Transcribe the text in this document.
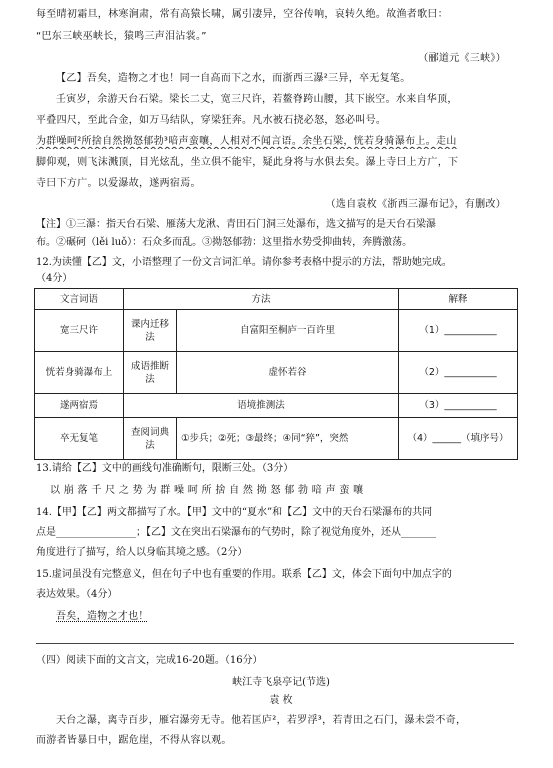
每至晴初霜旦，林寒涧肃，常有高猿长啸，属引凄异，空谷传响，哀转久绝。故渔者歌曰：
“巴东三峡巫峡长，猿鸣三声泪沾裳。”
（郦道元《三峡》）
【乙】吾矣，造物之才也！同一自高而下之水，而浙西三瀑²三异，卒无复笔。
壬寅岁，余游天台石梁。梁长二丈，宽三尺许，若鳌脊跨山腰，其下嵌空。水来自华顶，
平叠四尺，至此合金，如万马结队，穿梁狂奔。凡水被石挠必怒，怒必叫号。
为群噪呵²所捨自然拗怒郁勃³喑声蛮嚷，人相对不闻言语。余坐石梁，恍若身骑瀑布上。走山
脚仰观，则飞沫溅顶，目光炫乱，坐立俱不能牢，疑此身将与水俱去矣。瀑上寺曰上方广，下
寺曰下方广。以爱瀑故，遂两宿焉。
（选自袁枚《浙西三瀑布记》，有删改）
【注】①三瀑：指天台石梁、雁荡大龙湫、青田石门洞三处瀑布，选文描写的是天台石梁瀑
布。②碾砢（lěi luǒ）：石众多而乱。③拗怒郁勃：这里指水势受抑曲转，奔腾激荡。
12.为读懂【乙】文，小语整理了一份文言词汇单。请你参考表格中提示的方法，帮助她完成。
（4分）
文言词语	方法		解释
宽三尺许	课内迁移法	自富阳至桐庐一百许里	（1）___________
恍若身骑瀑布上	成语推断法	虚怀若谷	（2）___________
遂两宿焉	语境推测法		（3）___________
卒无复笔	查阅词典法	①步兵；②死；③最终；④同“猝”，突然	（4）______（填序号）
13.请给【乙】文中的画线句准确断句，限断三处。（3分）
以 崩 落 千 尺 之 势 为 群 噪 呵 所 捨 自 然 拗 怒 郁 勃 喑 声 蛮 嚷
14.【甲】【乙】两文都描写了水。【甲】文中的“夏水”和【乙】文中的天台石梁瀑布的共同
点是________________；【乙】文在突出石梁瀑布的气势时，除了视觉角度外，还从_______
角度进行了描写，给人以身临其境之感。（2分）
15.虚词虽没有完整意义，但在句子中也有重要的作用。联系【乙】文，体会下面句中加点字的
表达效果。（4分）
吾矣，造物之才也！
（四）阅读下面的文言文，完成16-20题。（16分）
峡江寺飞泉亭记(节选)
袁 枚
天台之瀑，离寺百步，雁宕瀑旁无寺。他若匡庐²，若罗浮³，若青田之石门，瀑未尝不奇，
而游者皆暴日中，踞危崖，不得从容以观。
